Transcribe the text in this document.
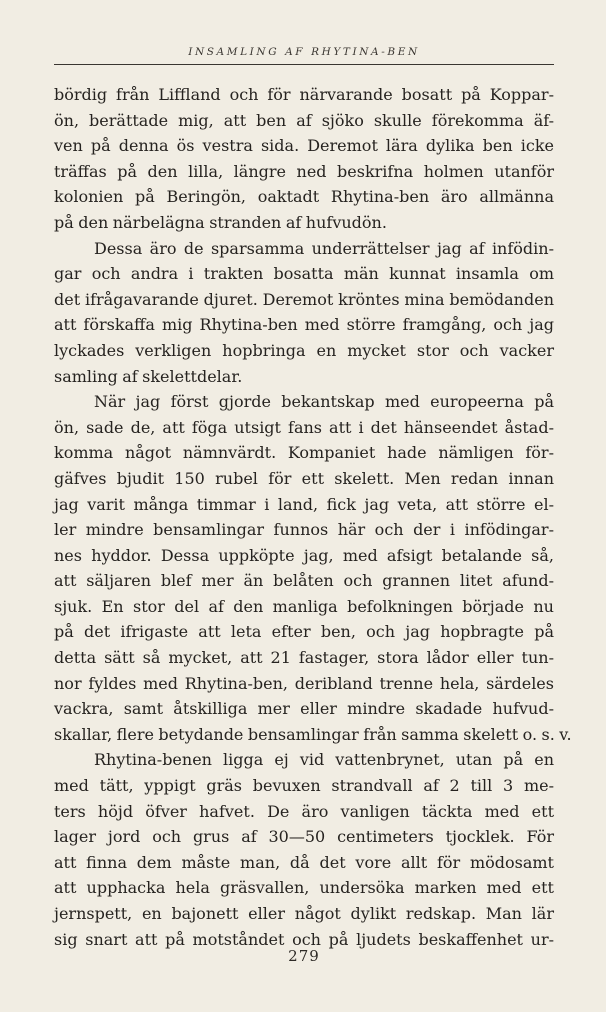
INSAMLING AF RHYTINA-BEN
bördig från Liffland och för närvarande bosatt på Koppar-
ön, berättade mig, att ben af sjöko skulle förekomma äf-
ven på denna ös vestra sida. Deremot lära dylika ben icke
träffas på den lilla, längre ned beskrifna holmen utanför
kolonien på Beringön, oaktadt Rhytina-ben äro allmänna
på den närbelägna stranden af hufvudön.
Dessa äro de sparsamma underrättelser jag af infödin-
gar och andra i trakten bosatta män kunnat insamla om
det ifrågavarande djuret. Deremot kröntes mina bemödanden
att förskaffa mig Rhytina-ben med större framgång, och jag
lyckades verkligen hopbringa en mycket stor och vacker
samling af skelettdelar.
När jag först gjorde bekantskap med europeerna på
ön, sade de, att föga utsigt fans att i det hänseendet åstad-
komma något nämnvärdt. Kompaniet hade nämligen för-
gäfves bjudit 150 rubel för ett skelett. Men redan innan
jag varit många timmar i land, fick jag veta, att större el-
ler mindre bensamlingar funnos här och der i infödingar-
nes hyddor. Dessa uppköpte jag, med afsigt betalande så,
att säljaren blef mer än belåten och grannen litet afund-
sjuk. En stor del af den manliga befolkningen började nu
på det ifrigaste att leta efter ben, och jag hopbragte på
detta sätt så mycket, att 21 fastager, stora lådor eller tun-
nor fyldes med Rhytina-ben, deribland trenne hela, särdeles
vackra, samt åtskilliga mer eller mindre skadade hufvud-
skallar, flere betydande bensamlingar från samma skelett o. s. v.
Rhytina-benen ligga ej vid vattenbrynet, utan på en
med tätt, yppigt gräs bevuxen strandvall af 2 till 3 me-
ters höjd öfver hafvet. De äro vanligen täckta med ett
lager jord och grus af 30—50 centimeters tjocklek. För
att finna dem måste man, då det vore allt för mödosamt
att upphacka hela gräsvallen, undersöka marken med ett
jernspett, en bajonett eller något dylikt redskap. Man lär
sig snart att på motståndet och på ljudets beskaffenhet ur-
279
